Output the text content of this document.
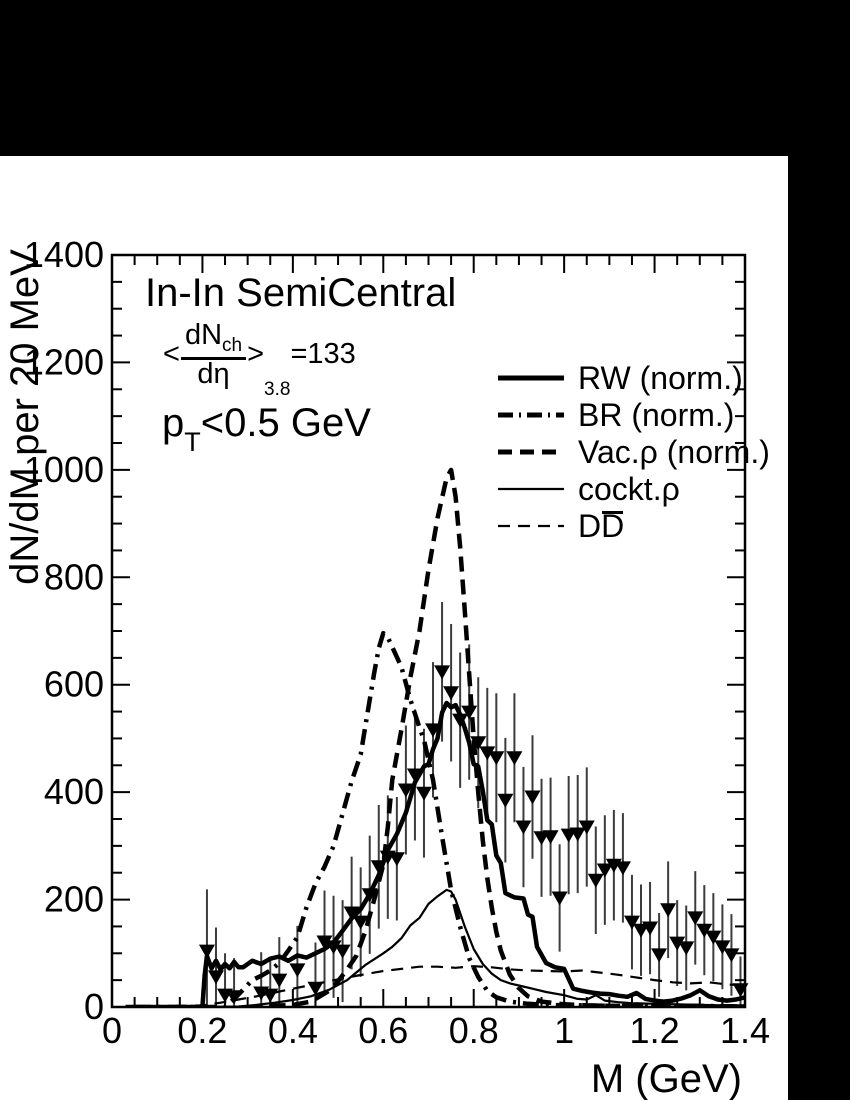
0 0.2 0.4 0.6 0.8 1 1.2 1.4
0
200
400
600
800
1000
1200
1400
M (GeV)
dN/dM per 20 MeV In-In SemiCentral
< $\frac{dN_{ch}}{d\eta}$ >
3.8
=133
$p_T<0.5$ GeV
RW (norm.)
BR (norm.)
Vac.ρ (norm.)
cockt.ρ
DD
